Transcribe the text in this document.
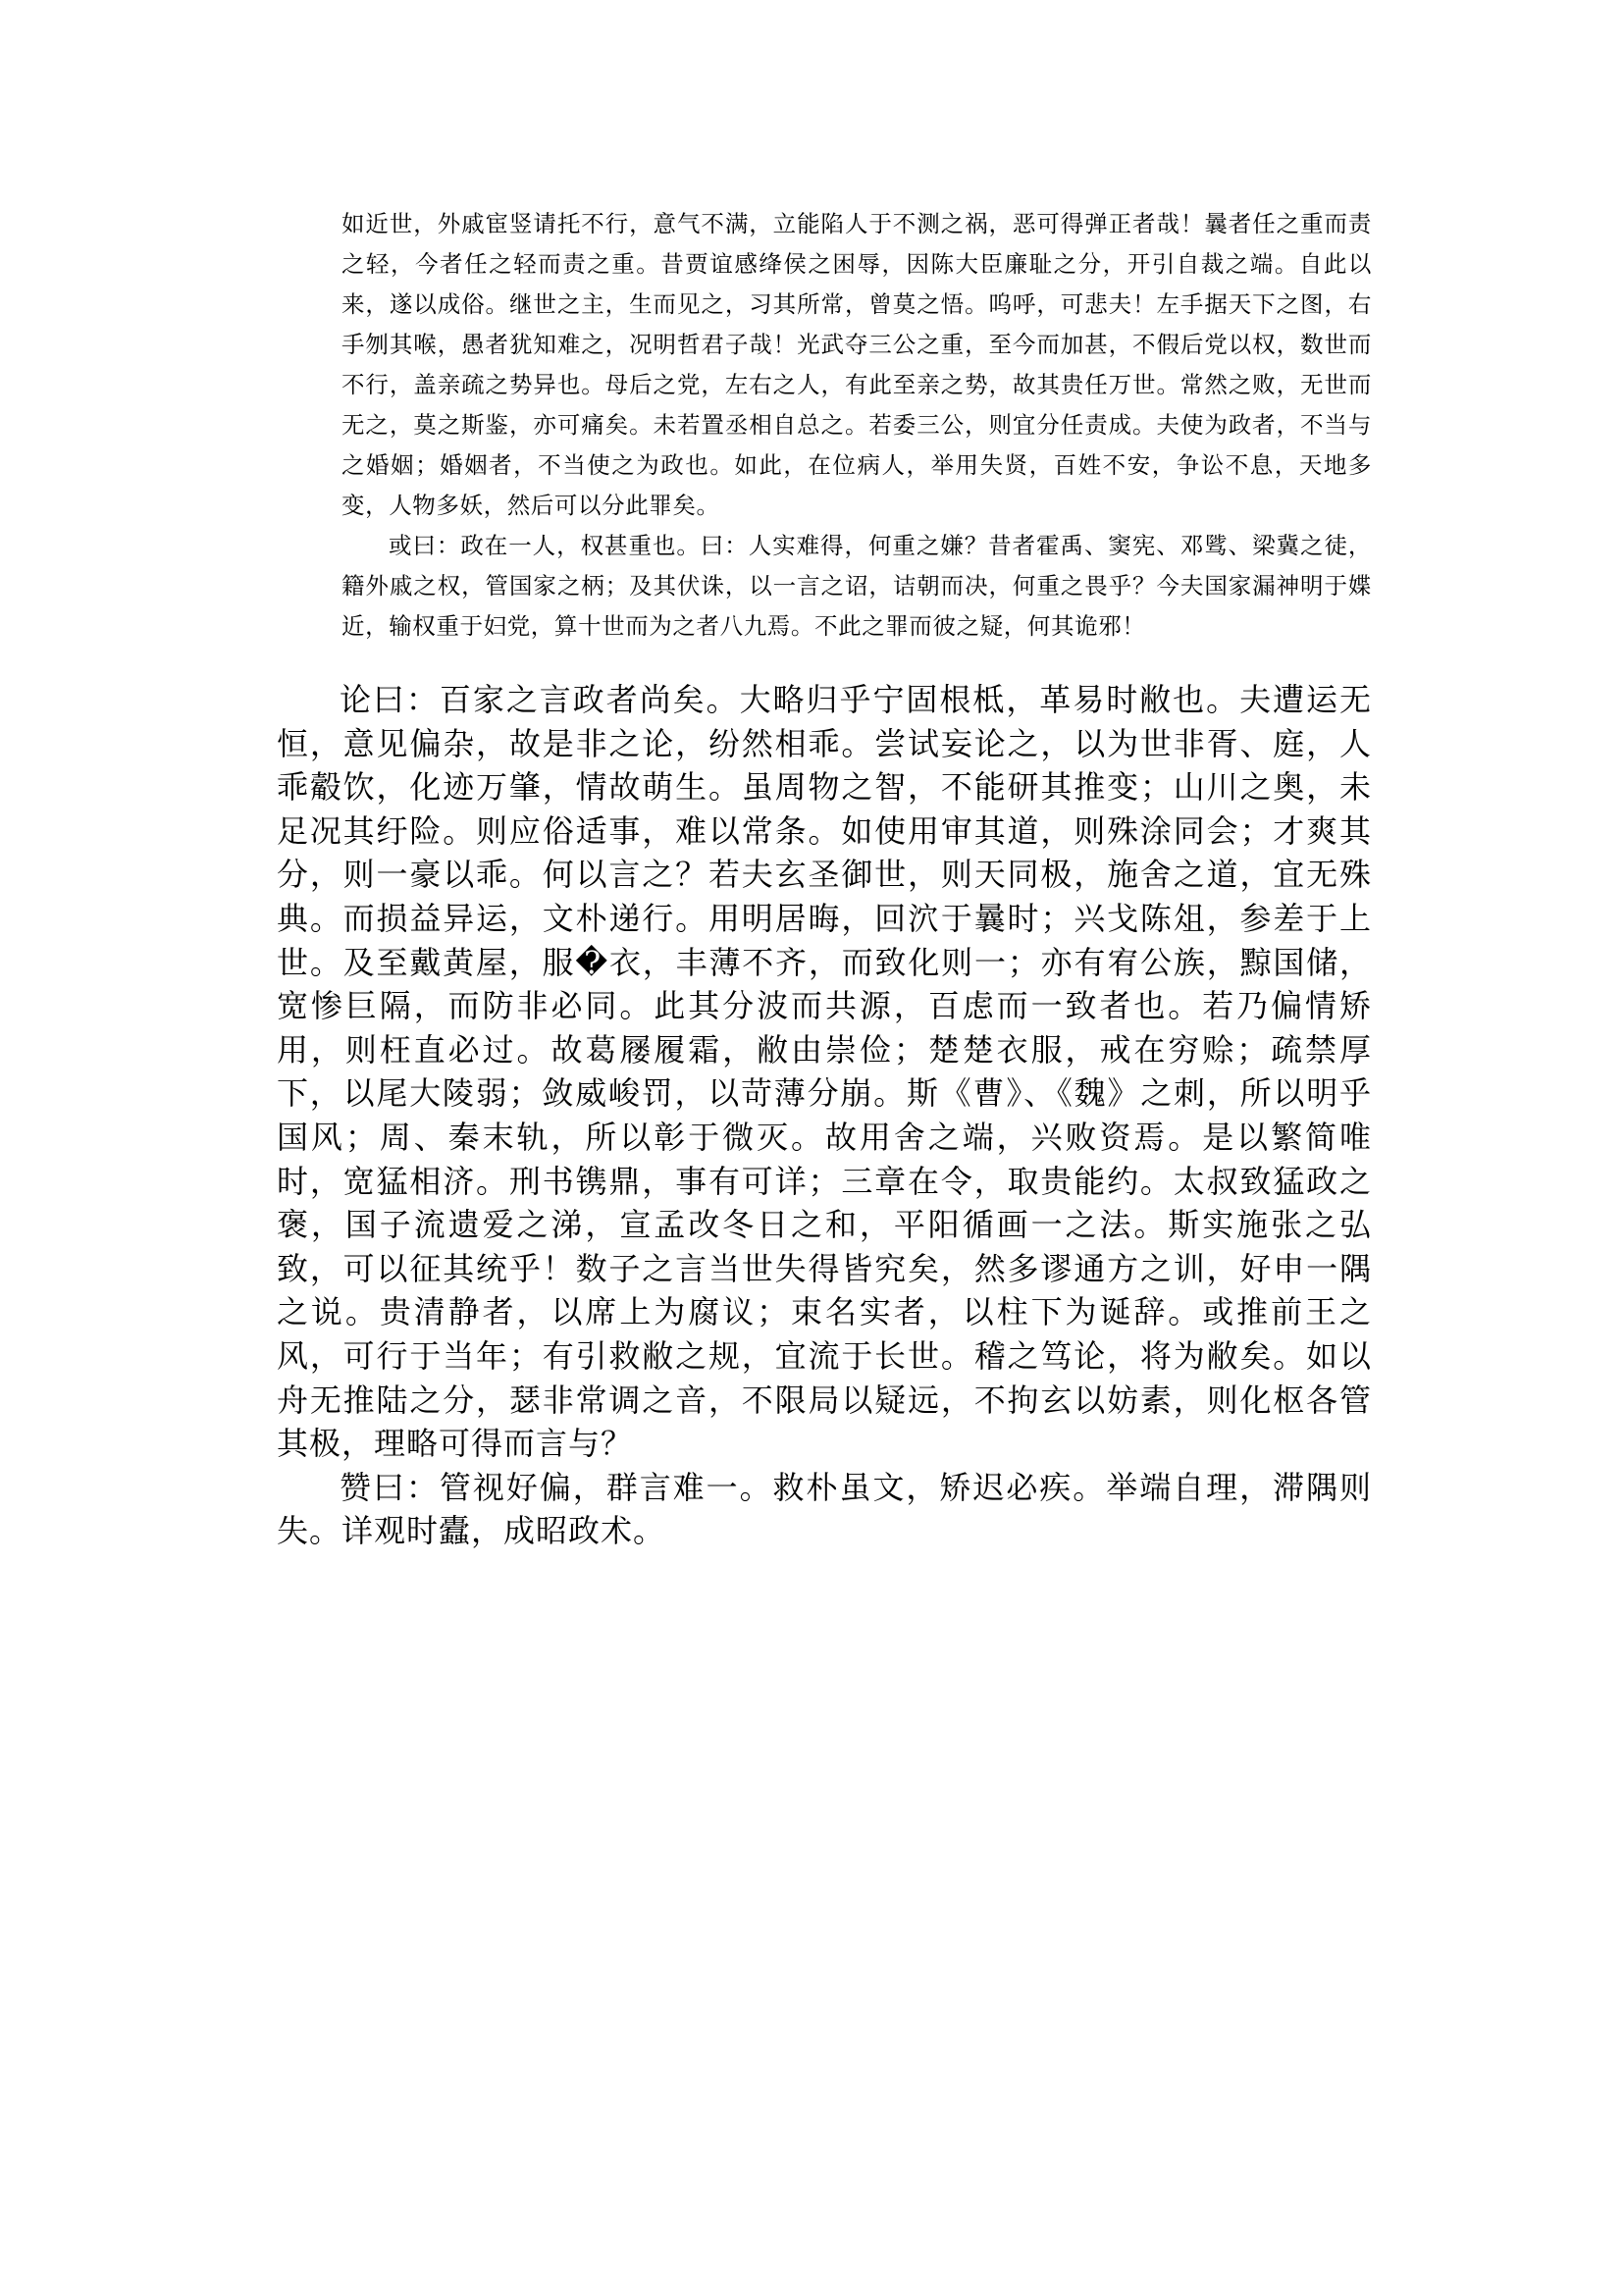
如近世，外戚宦竖请托不行，意气不满，立能陷人于不测之祸，恶可得弹正者哉！曩者任之重而责之轻，今者任之轻而责之重。昔贾谊感绛侯之困辱，因陈大臣廉耻之分，开引自裁之端。自此以来，遂以成俗。继世之主，生而见之，习其所常，曾莫之悟。呜呼，可悲夫！左手据天下之图，右手刎其喉，愚者犹知难之，况明哲君子哉！光武夺三公之重，至今而加甚，不假后党以权，数世而不行，盖亲疏之势异也。母后之党，左右之人，有此至亲之势，故其贵任万世。常然之败，无世而无之，莫之斯鉴，亦可痛矣。未若置丞相自总之。若委三公，则宜分任责成。夫使为政者，不当与之婚姻；婚姻者，不当使之为政也。如此，在位病人，举用失贤，百姓不安，争讼不息，天地多变，人物多妖，然后可以分此罪矣。

或曰：政在一人，权甚重也。曰：人实难得，何重之嫌？昔者霍禹、窦宪、邓骘、梁冀之徒，籍外戚之权，管国家之柄；及其伏诛，以一言之诏，诘朝而决，何重之畏乎？今夫国家漏神明于媟近，输权重于妇党，算十世而为之者八九焉。不此之罪而彼之疑，何其诡邪！

论曰：百家之言政者尚矣。大略归乎宁固根柢，革易时敝也。夫遭运无恒，意见偏杂，故是非之论，纷然相乖。尝试妄论之，以为世非胥、庭，人乖觳饮，化迹万肇，情故萌生。虽周物之智，不能研其推变；山川之奥，未足况其纡险。则应俗适事，难以常条。如使用审其道，则殊涂同会；才爽其分，则一豪以乖。何以言之？若夫玄圣御世，则天同极，施舍之道，宜无殊典。而损益异运，文朴递行。用明居晦，回泬于曩时；兴戈陈俎，参差于上世。及至戴黄屋，服�衣，丰薄不齐，而致化则一；亦有宥公族，黥国储，宽惨巨隔，而防非必同。此其分波而共源，百虑而一致者也。若乃偏情矫用，则枉直必过。故葛屦履霜，敝由崇俭；楚楚衣服，戒在穷赊；疏禁厚下，以尾大陵弱；敛威峻罚，以苛薄分崩。斯《曹》、《魏》之刺，所以明乎国风；周、秦末轨，所以彰于微灭。故用舍之端，兴败资焉。是以繁简唯时，宽猛相济。刑书镌鼎，事有可详；三章在令，取贵能约。太叔致猛政之褒，国子流遗爱之涕，宣孟改冬日之和，平阳循画一之法。斯实施张之弘致，可以征其统乎！数子之言当世失得皆究矣，然多谬通方之训，好申一隅之说。贵清静者，以席上为腐议；束名实者，以柱下为诞辞。或推前王之风，可行于当年；有引救敝之规，宜流于长世。稽之笃论，将为敝矣。如以舟无推陆之分，瑟非常调之音，不限局以疑远，不拘玄以妨素，则化枢各管其极，理略可得而言与？

赞曰：管视好偏，群言难一。救朴虽文，矫迟必疾。举端自理，滞隅则失。详观时蠹，成昭政术。
